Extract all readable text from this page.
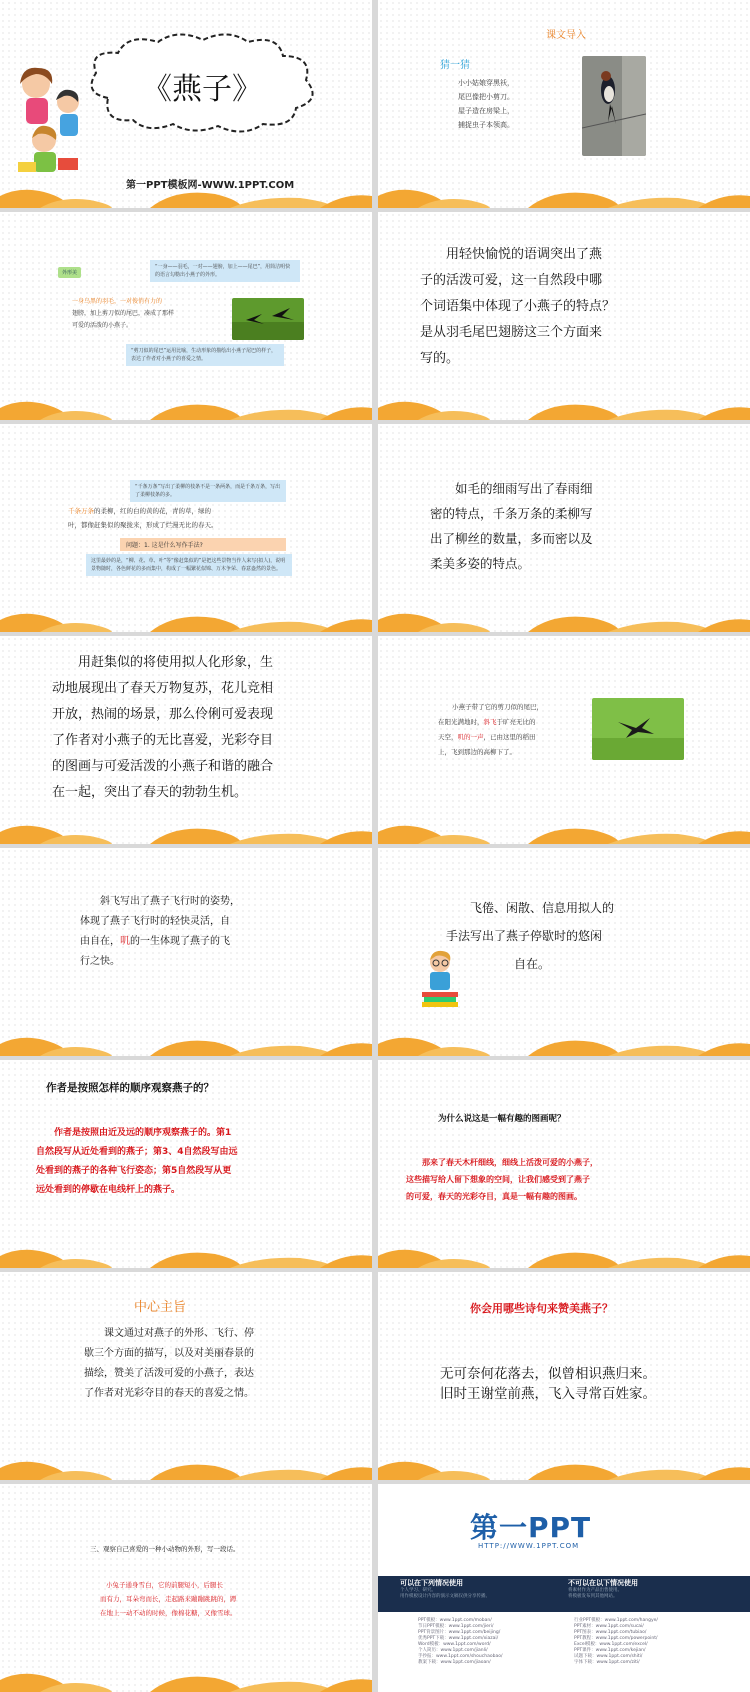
《燕子》
第一PPT模板网-WWW.1PPT.COM
课文导入
猜一猜
小小姑娘穿黑袄，
尾巴像把小剪刀。
屋子造在房梁上，
捕捉虫子本领高。
外形美
“一身——羽毛，一对——翅膀，加上——尾巴”，用简洁明快的语言勾勒出小燕子的外形。
一身乌黑的羽毛，一对俊俏有力的
翅膀，加上剪刀似的尾巴，凑成了那样
可爱的活泼的小燕子。
“剪刀似的尾巴”运用比喻，生动形象的描绘出小燕子尾巴的样子，表达了作者对小燕子的喜爱之情。
用轻快愉悦的语调突出了燕
子的活泼可爱，这一自然段中哪
个词语集中体现了小燕子的特点？
是从羽毛尾巴翅膀这三个方面来
写的。
“千条万条”写出了柔柳的枝条不是一条两条，而是千条万条，写出了柔柳枝条的多。
千条万条的柔柳，红的白的黄的花，青的草，绿的
叶，都像赶集似的聚拢来，形成了烂漫无比的春天。
问题：1. 这是什么写作手法?
这里最妙的是，“柳、花、草、叶”等“像赶集似的”是把这些景物当作人来写(拟人)，说明景物随时，各色鲜花的多而集中，构成了一幅繁花似锦、万木争荣、春意盎然的景色。
如毛的细雨写出了春雨细
密的特点，千条万条的柔柳写
出了柳丝的数量，多而密以及
柔美多姿的特点。
用赶集似的将使用拟人化形象，生
动地展现出了春天万物复苏，花儿竞相
开放，热闹的场景，那么伶俐可爱表现
了作者对小燕子的无比喜爱，光彩夺目
的图画与可爱活泼的小燕子和谐的融合
在一起，突出了春天的勃勃生机。
小燕子带了它的剪刀似的尾巴，
在阳光满地时，斜飞于旷亮无比的
天空，叽的一声，已由这里的稻田
上，飞到那边的高柳下了。
斜飞写出了燕子飞行时的姿势，
体现了燕子飞行时的轻快灵活，自
由自在，叽的一生体现了燕子的飞
行之快。
飞倦、闲散、信息用拟人的
手法写出了燕子停歇时的悠闲
自在。
作者是按照怎样的顺序观察燕子的？
作者是按照由近及远的顺序观察燕子的。第1
自然段写从近处看到的燕子；第3、4自然段写由远
处看到的燕子的各种飞行姿态；第5自然段写从更
远处看到的停歇在电线杆上的燕子。
为什么说这是一幅有趣的图画呢？
那来了春天木杆细线，细线上活泼可爱的小燕子，
这些描写给人留下想象的空间，让我们感受到了燕子
的可爱，春天的光彩夺目，真是一幅有趣的图画。
中心主旨
课文通过对燕子的外形、飞行、停
歇三个方面的描写，以及对美丽春景的
描绘，赞美了活泼可爱的小燕子，表达
了作者对光彩夺目的春天的喜爱之情。
你会用哪些诗句来赞美燕子？
无可奈何花落去，似曾相识燕归来。
旧时王谢堂前燕，飞入寻常百姓家。
三、观察自己喜爱的一种小动物的外形，写一段话。
小兔子通身雪白，它的前腿短小，后腿长
而有力，耳朵弯而长，走起路来蹦蹦跳跳的，蹲
在地上一动不动的时候，像棉花糖，又像雪球。
第一PPT
HTTP://WWW.1PPT.COM
可以在下列情况使用
个人学习、研究。
用作模板设计内容的演示文稿仅供分享传播。
不可以在以下情况使用
将素材作为产品出售使用。
将模板发布到其他网站。
PPT模板：www.1ppt.com/moban/
节日PPT模板：www.1ppt.com/jieri/
PPT背景图片：www.1ppt.com/beijing/
优秀PPT下载：www.1ppt.com/xiazai/
Word模板：www.1ppt.com/word/
个人简历：www.1ppt.com/jianli/
手抄报：www.1ppt.com/shouchaobao/
教案下载：www.1ppt.com/jiaoan/
行业PPT模板：www.1ppt.com/hangye/
PPT素材：www.1ppt.com/sucai/
PPT图表：www.1ppt.com/tubiao/
PPT教程：www.1ppt.com/powerpoint/
Excel模板：www.1ppt.com/excel/
PPT课件：www.1ppt.com/kejian/
试题下载：www.1ppt.com/shiti/
字体下载：www.1ppt.com/ziti/
